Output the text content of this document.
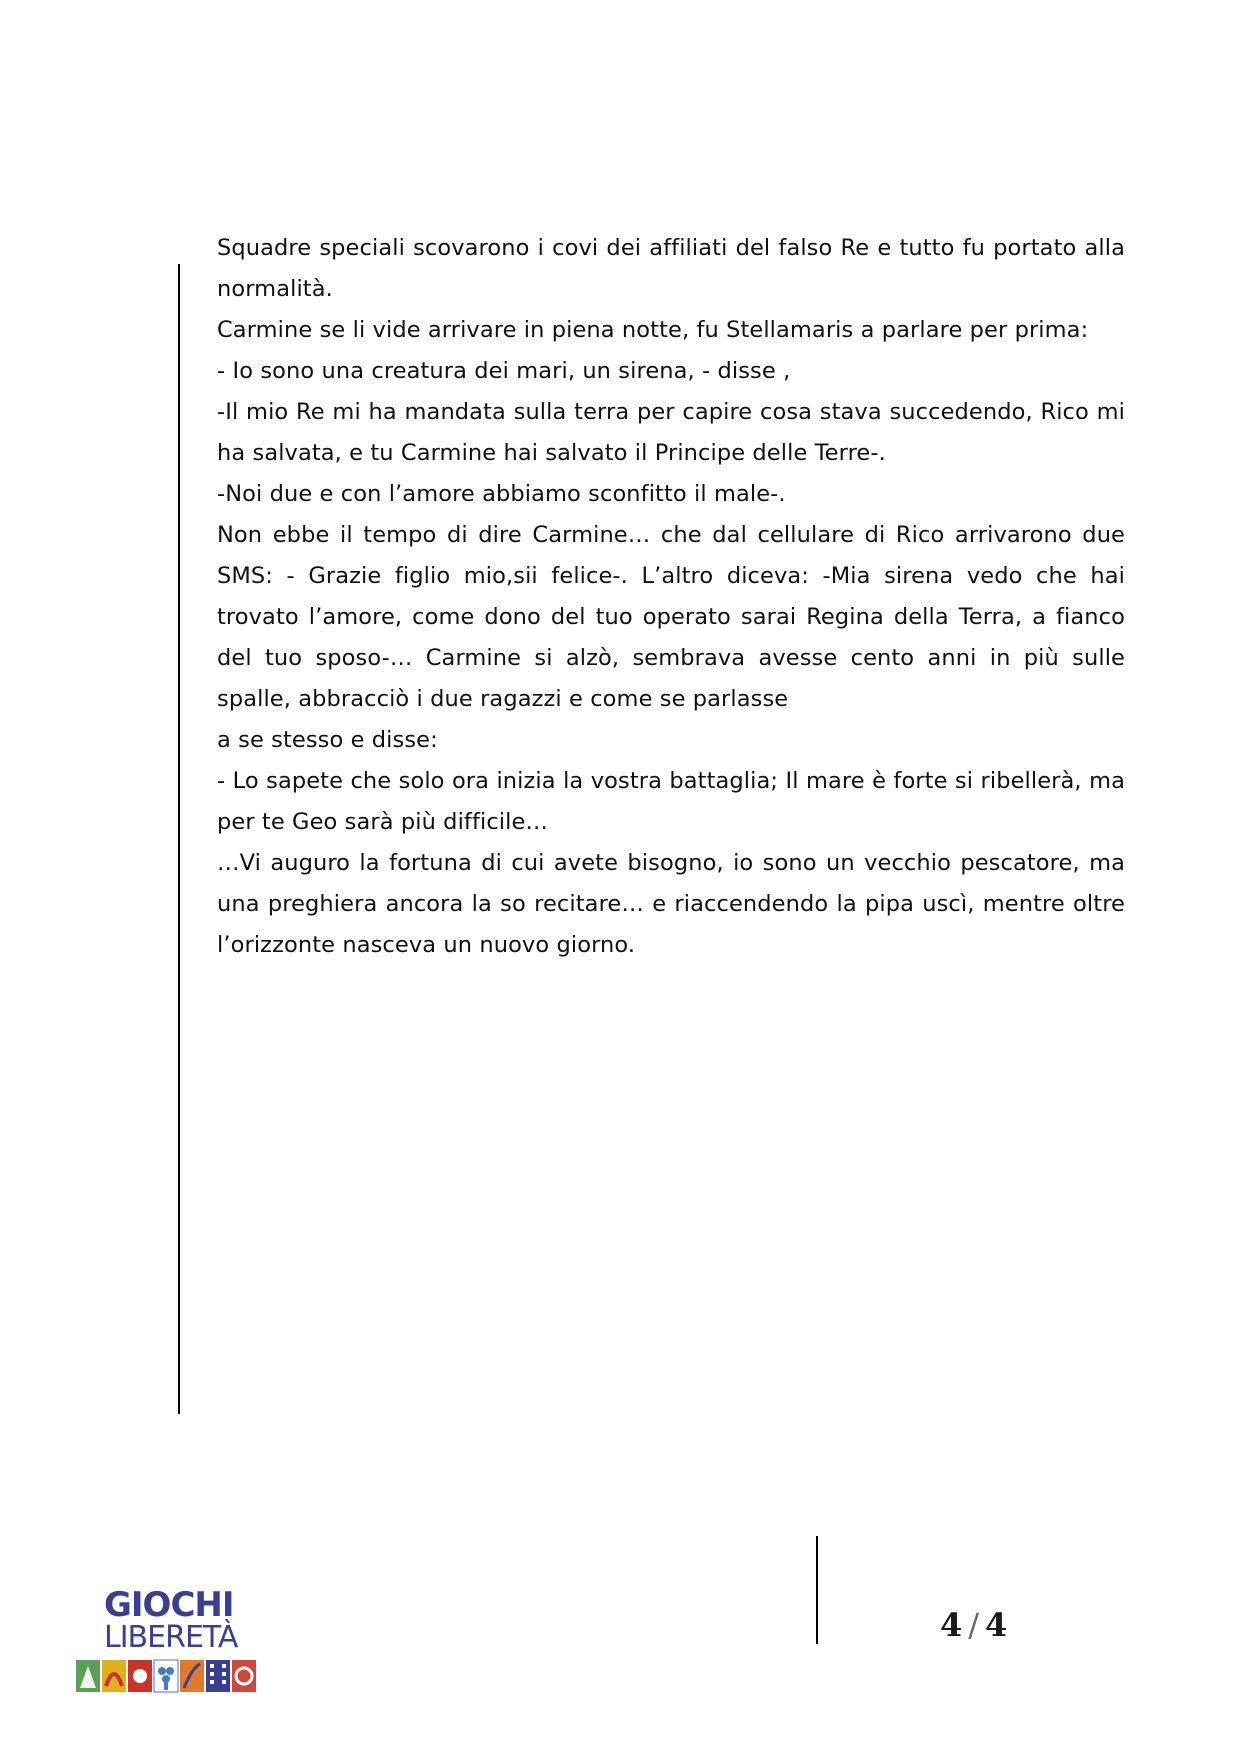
Squadre speciali scovarono i covi dei affiliati del falso Re e tutto fu portato alla normalità.

Carmine se li vide arrivare in piena notte, fu Stellamaris a parlare per prima:

- Io sono una creatura dei mari, un sirena, - disse ,

-Il mio Re mi ha mandata sulla terra per capire cosa stava succedendo, Rico mi ha salvata, e tu Carmine hai salvato il Principe delle Terre-.

-Noi due e con l’amore abbiamo sconfitto il male-.

Non ebbe il tempo di dire Carmine… che dal cellulare di Rico arrivarono due SMS: - Grazie figlio mio,sii felice-. L’altro diceva: -Mia sirena vedo che hai trovato l’amore, come dono del tuo operato sarai Regina della Terra, a fianco del tuo sposo-… Carmine si alzò, sembrava avesse cento anni in più sulle spalle, abbracciò i due ragazzi e come se parlasse

a se stesso e disse:

- Lo sapete che solo ora inizia la vostra battaglia; Il mare è forte si ribellerà, ma per te Geo sarà più difficile…

…Vi auguro la fortuna di cui avete bisogno, io sono un vecchio pescatore, ma una preghiera ancora la so recitare… e riaccendendo la pipa uscì, mentre oltre l’orizzonte nasceva un nuovo giorno.

GIOCHI
LIBERETÀ	4 / 4
